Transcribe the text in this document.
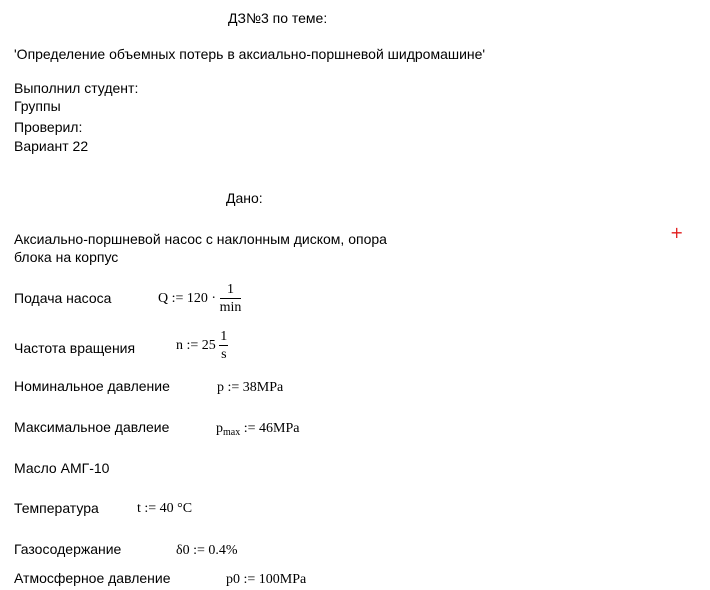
ДЗ№3 по теме:
'Определение объемных потерь в аксиально-поршневой шидромашине'
Выполнил студент:
Группы
Проверил:
Вариант 22
Дано:
Аксиально-поршневой насос с наклонным диском, опора
блока на корпус
+
Подача насоса	Q := $120 \cdot \frac{1}{\min}$
Частота вращения	n := $25 \frac{1}{s}$
Номинальное давление	p := 38MPa
Максимальное давлеие	$p_{max}$ := 46MPa
Масло АМГ-10
Температура	t := 40 °C
Газосодержание	δ0 := 0.4%
Атмосферное давление	p0 := 100MPa
